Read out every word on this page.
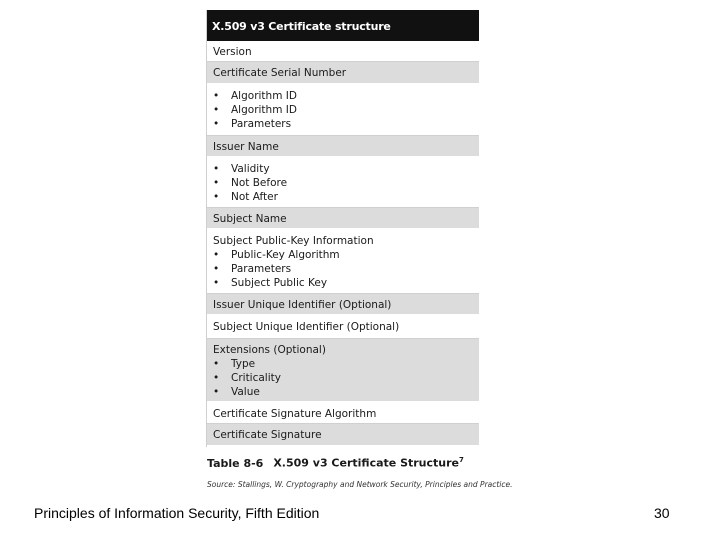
X.509 v3 Certificate structure
Version
Certificate Serial Number
•	Algorithm ID
•	Algorithm ID
•	Parameters
Issuer Name
•	Validity
•	Not Before
•	Not After
Subject Name
Subject Public-Key Information
•	Public-Key Algorithm
•	Parameters
•	Subject Public Key
Issuer Unique Identifier (Optional)
Subject Unique Identifier (Optional)
Extensions (Optional)
•	Type
•	Criticality
•	Value
Certificate Signature Algorithm
Certificate Signature
Table 8-6 X.509 v3 Certificate Structure$^7$
Source: Stallings, W. Cryptography and Network Security, Principles and Practice.
Principles of Information Security, Fifth Edition	30
